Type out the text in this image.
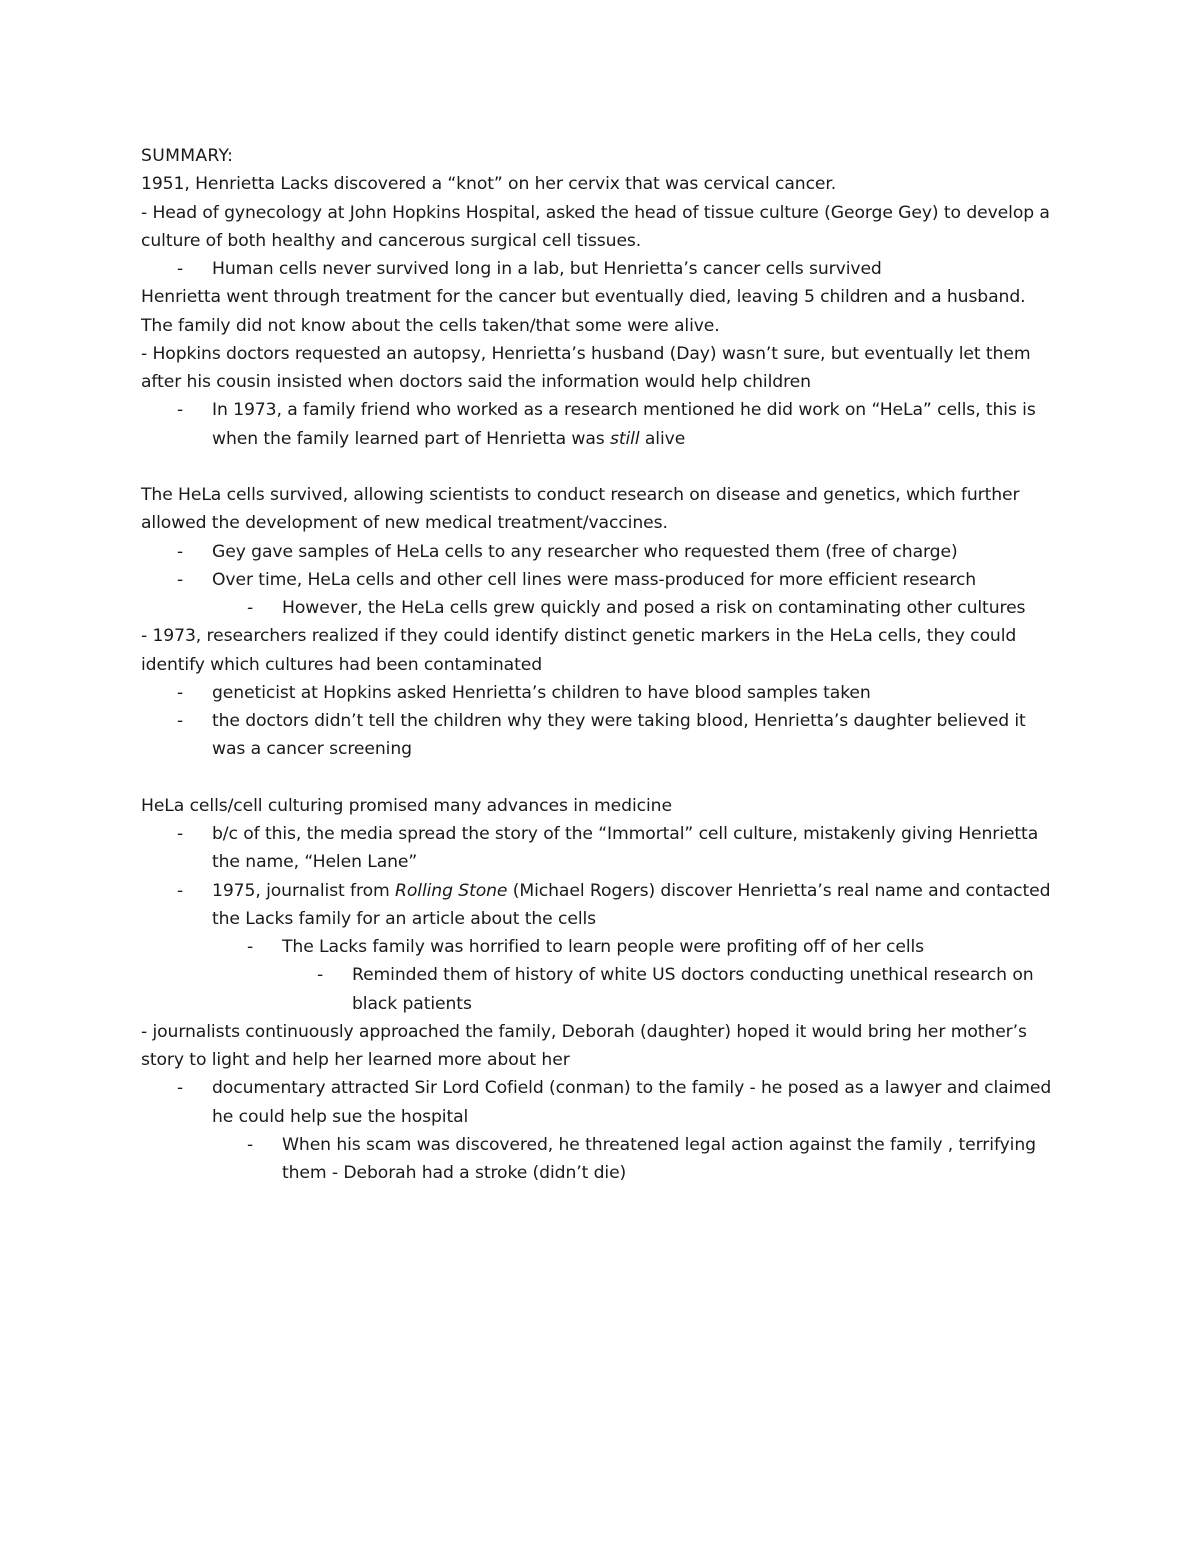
SUMMARY:
1951, Henrietta Lacks discovered a “knot” on her cervix that was cervical cancer.
- Head of gynecology at John Hopkins Hospital, asked the head of tissue culture (George Gey) to develop a culture of both healthy and cancerous surgical cell tissues.
- Human cells never survived long in a lab, but Henrietta’s cancer cells survived
Henrietta went through treatment for the cancer but eventually died, leaving 5 children and a husband. The family did not know about the cells taken/that some were alive.
- Hopkins doctors requested an autopsy, Henrietta’s husband (Day) wasn’t sure, but eventually let them after his cousin insisted when doctors said the information would help children
- In 1973, a family friend who worked as a research mentioned he did work on “HeLa” cells, this is when the family learned part of Henrietta was still alive
The HeLa cells survived, allowing scientists to conduct research on disease and genetics, which further allowed the development of new medical treatment/vaccines.
- Gey gave samples of HeLa cells to any researcher who requested them (free of charge)
- Over time, HeLa cells and other cell lines were mass-produced for more efficient research
- However, the HeLa cells grew quickly and posed a risk on contaminating other cultures
- 1973, researchers realized if they could identify distinct genetic markers in the HeLa cells, they could identify which cultures had been contaminated
- geneticist at Hopkins asked Henrietta’s children to have blood samples taken
- the doctors didn’t tell the children why they were taking blood, Henrietta’s daughter believed it was a cancer screening
HeLa cells/cell culturing promised many advances in medicine
- b/c of this, the media spread the story of the “Immortal” cell culture, mistakenly giving Henrietta the name, “Helen Lane”
- 1975, journalist from Rolling Stone (Michael Rogers) discover Henrietta’s real name and contacted the Lacks family for an article about the cells
- The Lacks family was horrified to learn people were profiting off of her cells
- Reminded them of history of white US doctors conducting unethical research on black patients
- journalists continuously approached the family, Deborah (daughter) hoped it would bring her mother’s story to light and help her learned more about her
- documentary attracted Sir Lord Cofield (conman) to the family - he posed as a lawyer and claimed he could help sue the hospital
- When his scam was discovered, he threatened legal action against the family , terrifying them - Deborah had a stroke (didn’t die)
